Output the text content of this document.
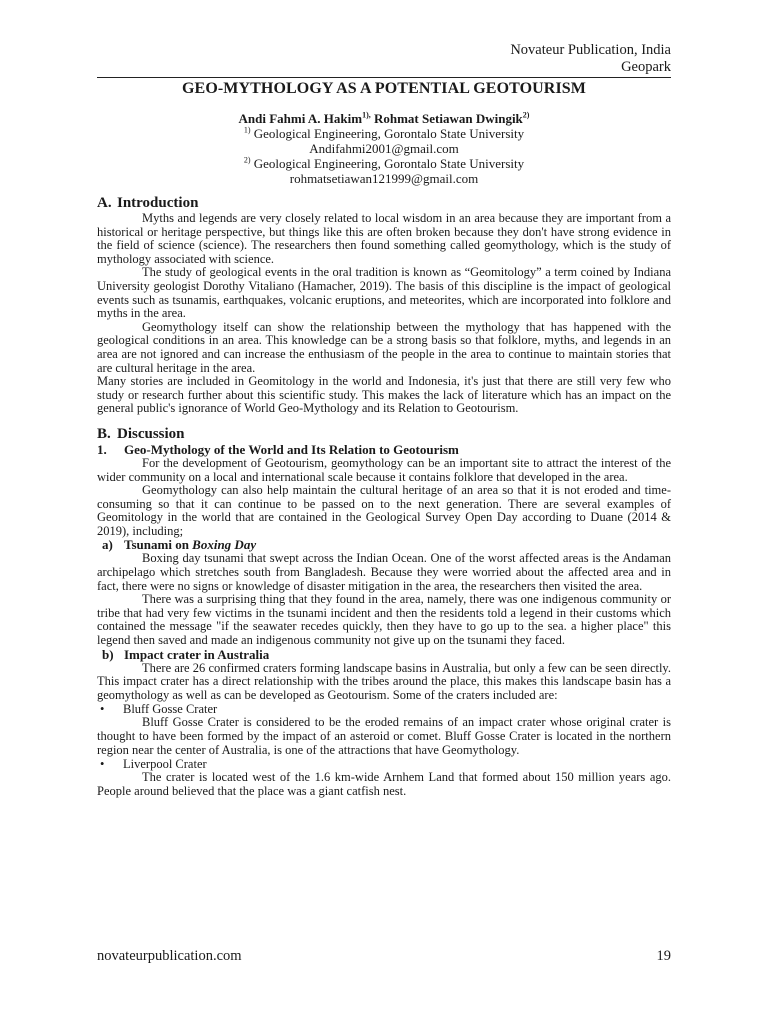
Novateur Publication, India
Geopark
GEO-MYTHOLOGY AS A POTENTIAL GEOTOURISM
Andi Fahmi A. Hakim$^{1),}$ Rohmat Setiawan Dwingik$^{2)}$
$^{1)}$ Geological Engineering, Gorontalo State University
Andifahmi2001@gmail.com
$^{2)}$ Geological Engineering, Gorontalo State University
rohmatsetiawan121999@gmail.com
A. Introduction

Myths and legends are very closely related to local wisdom in an area because they are important from a historical or heritage perspective, but things like this are often broken because they don't have strong evidence in the field of science (science). The researchers then found something called geomythology, which is the study of mythology associated with science.

The study of geological events in the oral tradition is known as “Geomitology” a term coined by Indiana University geologist Dorothy Vitaliano (Hamacher, 2019). The basis of this discipline is the impact of geological events such as tsunamis, earthquakes, volcanic eruptions, and meteorites, which are incorporated into folklore and myths in the area.

Geomythology itself can show the relationship between the mythology that has happened with the geological conditions in an area. This knowledge can be a strong basis so that folklore, myths, and legends in an area are not ignored and can increase the enthusiasm of the people in the area to continue to maintain stories that are cultural heritage in the area.

Many stories are included in Geomitology in the world and Indonesia, it's just that there are still very few who study or research further about this scientific study. This makes the lack of literature which has an impact on the general public's ignorance of World Geo-Mythology and its Relation to Geotourism.

B. Discussion
1. Geo-Mythology of the World and Its Relation to Geotourism

For the development of Geotourism, geomythology can be an important site to attract the interest of the wider community on a local and international scale because it contains folklore that developed in the area.

Geomythology can also help maintain the cultural heritage of an area so that it is not eroded and time-consuming so that it can continue to be passed on to the next generation. There are several examples of Geomitology in the world that are contained in the Geological Survey Open Day according to Duane (2014 & 2019), including;

a) Tsunami on Boxing Day

Boxing day tsunami that swept across the Indian Ocean. One of the worst affected areas is the Andaman archipelago which stretches south from Bangladesh. Because they were worried about the affected area and in fact, there were no signs or knowledge of disaster mitigation in the area, the researchers then visited the area.

There was a surprising thing that they found in the area, namely, there was one indigenous community or tribe that had very few victims in the tsunami incident and then the residents told a legend in their customs which contained the message "if the seawater recedes quickly, then they have to go up to the sea. a higher place" this legend then saved and made an indigenous community not give up on the tsunami they faced.

b) Impact crater in Australia

There are 26 confirmed craters forming landscape basins in Australia, but only a few can be seen directly. This impact crater has a direct relationship with the tribes around the place, this makes this landscape basin has a geomythology as well as can be developed as Geotourism. Some of the craters included are:

• Bluff Gosse Crater

Bluff Gosse Crater is considered to be the eroded remains of an impact crater whose original crater is thought to have been formed by the impact of an asteroid or comet. Bluff Gosse Crater is located in the northern region near the center of Australia, is one of the attractions that have Geomythology.

• Liverpool Crater

The crater is located west of the 1.6 km-wide Arnhem Land that formed about 150 million years ago. People around believed that the place was a giant catfish nest.

novateurpublication.com	19
